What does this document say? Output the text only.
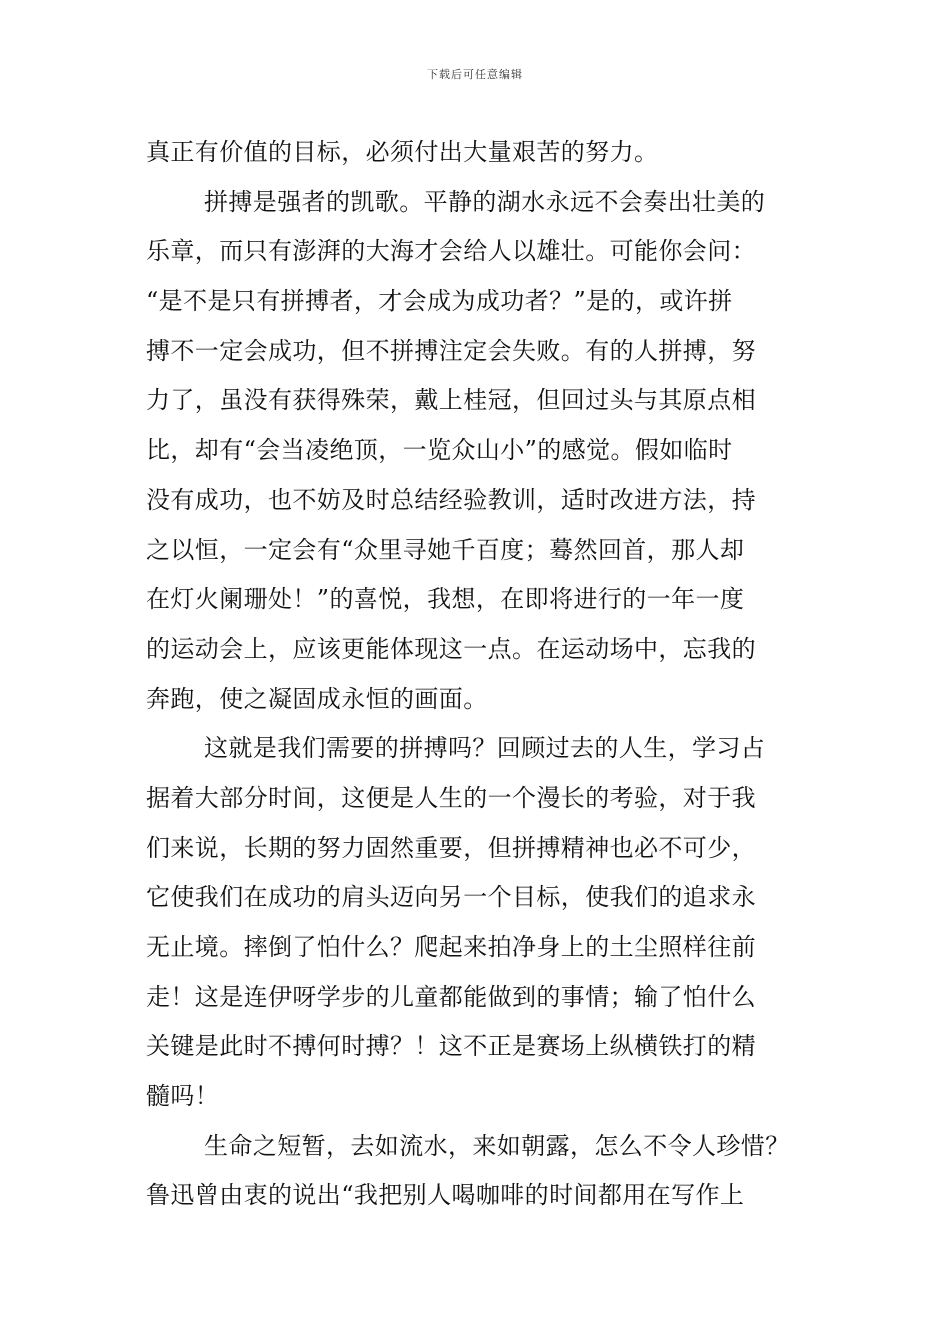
下载后可任意编辑
真正有价值的目标，必须付出大量艰苦的努力。
拼搏是强者的凯歌。平静的湖水永远不会奏出壮美的
乐章，而只有澎湃的大海才会给人以雄壮。可能你会问：
“是不是只有拼搏者，才会成为成功者？”是的，或许拼
搏不一定会成功，但不拼搏注定会失败。有的人拼搏，努
力了，虽没有获得殊荣，戴上桂冠，但回过头与其原点相
比，却有“会当凌绝顶，一览众山小”的感觉。假如临时
没有成功，也不妨及时总结经验教训，适时改进方法，持
之以恒，一定会有“众里寻她千百度；蓦然回首，那人却
在灯火阑珊处！”的喜悦，我想，在即将进行的一年一度
的运动会上，应该更能体现这一点。在运动场中，忘我的
奔跑，使之凝固成永恒的画面。
这就是我们需要的拼搏吗？回顾过去的人生，学习占
据着大部分时间，这便是人生的一个漫长的考验，对于我
们来说，长期的努力固然重要，但拼搏精神也必不可少，
它使我们在成功的肩头迈向另一个目标，使我们的追求永
无止境。摔倒了怕什么？爬起来拍净身上的土尘照样往前
走！这是连伊呀学步的儿童都能做到的事情；输了怕什么
关键是此时不搏何时搏？！这不正是赛场上纵横铁打的精
髓吗！
生命之短暂，去如流水，来如朝露，怎么不令人珍惜？
鲁迅曾由衷的说出“我把别人喝咖啡的时间都用在写作上
